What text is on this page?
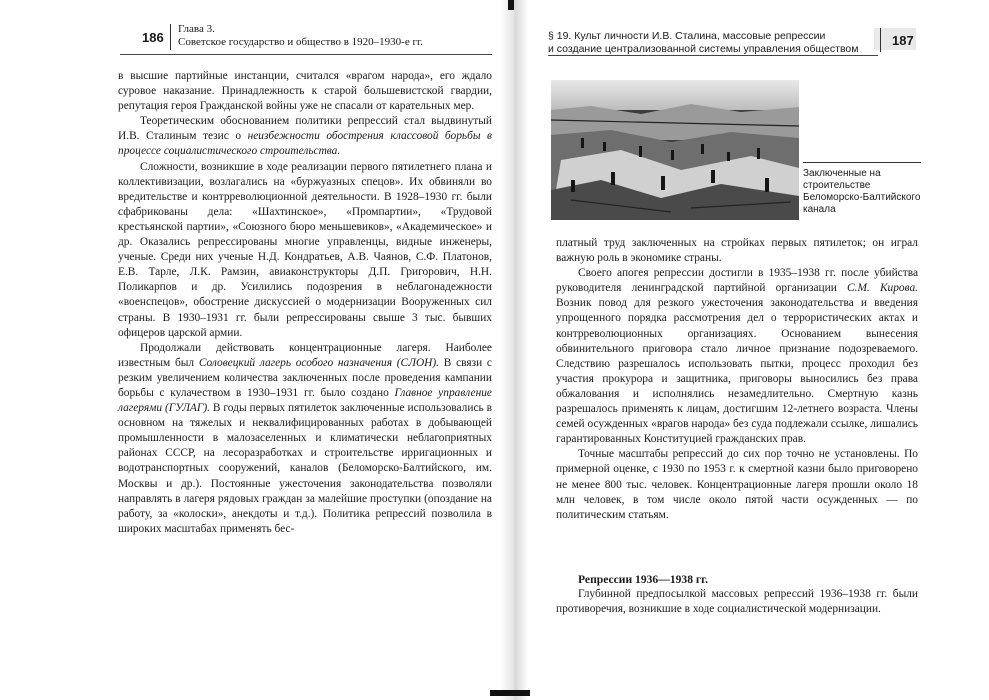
186
Глава 3.
Советское государство и общество в 1920–1930-е гг.

в высшие партийные инстанции, считался «врагом народа», его ждало суровое наказание. Принадлежность к старой большевистской гвардии, репутация героя Гражданской войны уже не спасали от карательных мер.

Теоретическим обоснованием политики репрессий стал выдвинутый И.В. Сталиным тезис о неизбежности обострения классовой борьбы в процессе социалистического строительства.

Сложности, возникшие в ходе реализации первого пятилетнего плана и коллективизации, возлагались на «буржуазных спецов». Их обвиняли во вредительстве и контрреволюционной деятельности. В 1928–1930 гг. были сфабрикованы дела: «Шахтинское», «Промпартии», «Трудовой крестьянской партии», «Союзного бюро меньшевиков», «Академическое» и др. Оказались репрессированы многие управленцы, видные инженеры, ученые. Среди них ученые Н.Д. Кондратьев, А.В. Чаянов, С.Ф. Платонов, Е.В. Тарле, Л.К. Рамзин, авиаконструкторы Д.П. Григорович, Н.Н. Поликарпов и др. Усилились подозрения в неблагонадежности «военспецов», обострение дискуссией о модернизации Вооруженных сил страны. В 1930–1931 гг. были репрессированы свыше 3 тыс. бывших офицеров царской армии.

Продолжали действовать концентрационные лагеря. Наиболее известным был Соловецкий лагерь особого назначения (СЛОН). В связи с резким увеличением количества заключенных после проведения кампании борьбы с кулачеством в 1930–1931 гг. было создано Главное управление лагерями (ГУЛАГ). В годы первых пятилеток заключенные использовались в основном на тяжелых и неквалифицированных работах в добывающей промышленности в малозаселенных и климатически неблагоприятных районах СССР, на лесоразработках и строительстве ирригационных и водотранспортных сооружений, каналов (Беломорско-Балтийского, им. Москвы и др.). Постоянные ужесточения законодательства позволяли направлять в лагеря рядовых граждан за малейшие проступки (опоздание на работу, за «колоски», анекдоты и т.д.). Политика репрессий позволила в широких масштабах применять бес-

§ 19. Культ личности И.В. Сталина, массовые репрессии
и создание централизованной системы управления обществом
187
Заключенные на строительстве Беломорско-Балтийского канала

платный труд заключенных на стройках первых пятилеток; он играл важную роль в экономике страны.

Своего апогея репрессии достигли в 1935–1938 гг. после убийства руководителя ленинградской партийной организации С.М. Кирова. Возник повод для резкого ужесточения законодательства и введения упрощенного порядка рассмотрения дел о террористических актах и контрреволюционных организациях. Основанием вынесения обвинительного приговора стало личное признание подозреваемого. Следствию разрешалось использовать пытки, процесс проходил без участия прокурора и защитника, приговоры выносились без права обжалования и исполнялись незамедлительно. Смертную казнь разрешалось применять к лицам, достигшим 12-летнего возраста. Члены семей осужденных «врагов народа» без суда подлежали ссылке, лишались гарантированных Конституцией гражданских прав.

Точные масштабы репрессий до сих пор точно не установлены. По примерной оценке, с 1930 по 1953 г. к смертной казни было приговорено не менее 800 тыс. человек. Концентрационные лагеря прошли около 18 млн человек, в том числе около пятой части осужденных — по политическим статьям.

Репрессии 1936—1938 гг.

Глубинной предпосылкой массовых репрессий 1936–1938 гг. были противоречия, возникшие в ходе социалистической модернизации.
